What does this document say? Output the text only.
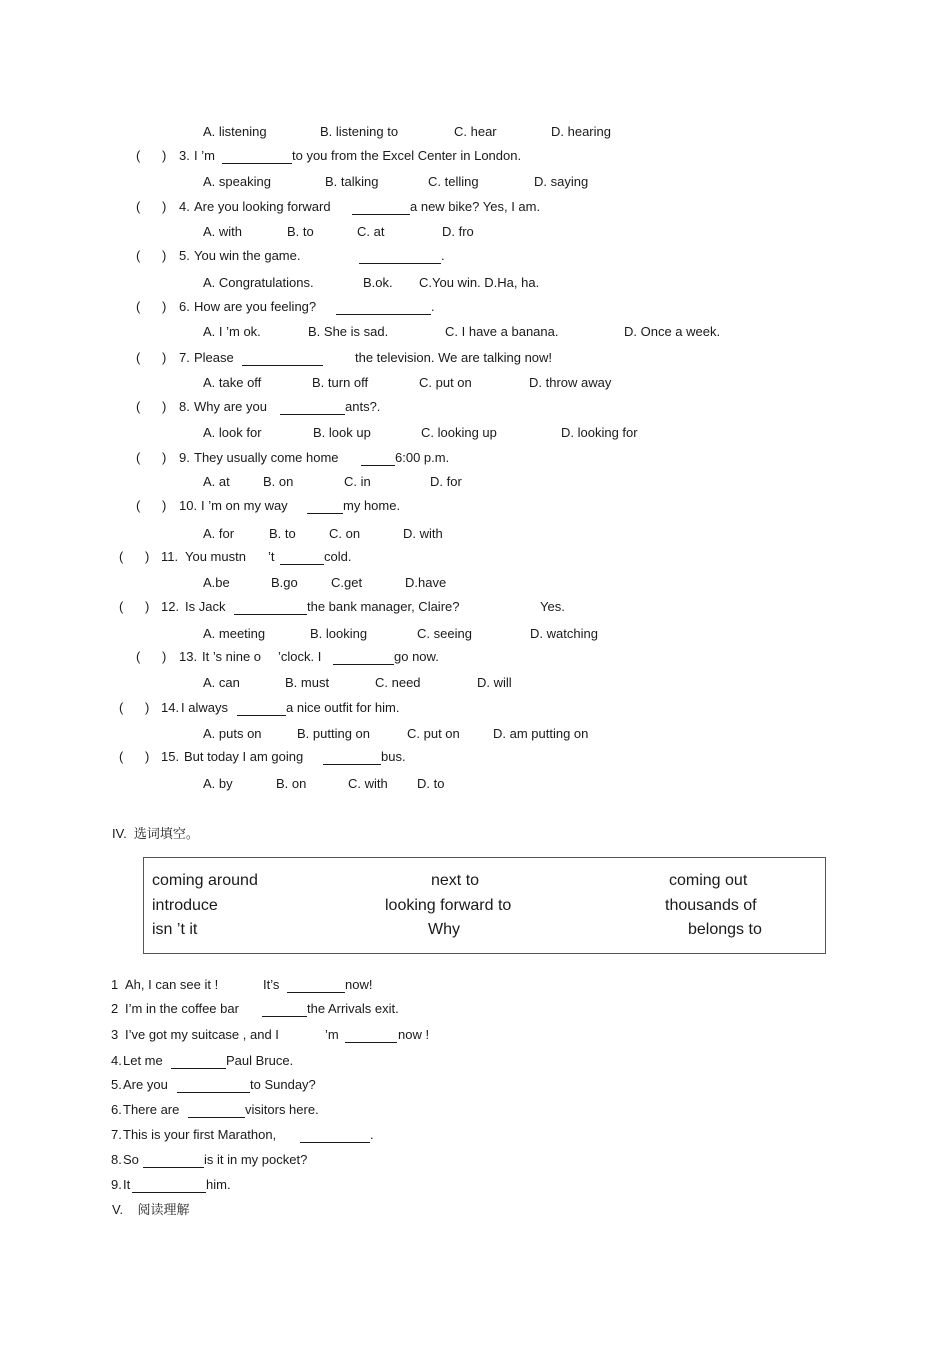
A. listening	B. listening to	C. hear	D. hearing
(      ) 3. I ’m	to you from the Excel Center in London.
A. speaking	B. talking	C. telling	D. saying
(      ) 4. Are you looking forward	a new bike? Yes, I am.
A. with	B. to	C. at	D. fro
(      ) 5. You win the game.	.
A. Congratulations.	B.ok. C.You win. D.Ha, ha.
(      ) 6. How are you feeling?	.
A. I ’m ok.	B. She is sad.	C. I have a banana.	D. Once a week.
(      ) 7. Please	the television. We are talking now!
A. take off	B. turn off	C. put on	D. throw away
(      ) 8. Why are you	ants?.
A. look for	B. look up	C. looking up	D. looking for
(      ) 9. They usually come home	6:00 p.m.
A. at	B. on	C. in	D. for
(      ) 10. I ’m on my way	my home.
A. for	B. to	C. on	D. with
(      ) 11. You mustn ’t	cold.
A.be	B.go	C.get	D.have
(      ) 12. Is Jack	the bank manager, Claire?	Yes.
A. meeting	B. looking	C. seeing	D. watching
(      ) 13. It ’s nine o ’clock. I	go now.
A. can	B. must	C. need	D. will
(      ) 14. I always	a nice outfit for him.
A. puts on	B. putting on	C. put on	D. am putting on
(      ) 15. But today I am going	bus.
A. by	B. on	C. with D. to
IV.  选词填空。
coming around	next to	coming out
introduce	looking forward to	thousands of
isn ’t it	Why	belongs to
1 Ah, I can see it !	It’s	now!
2 I’m in the coffee bar	the Arrivals exit.
3 I’ve got my suitcase , and I	’m	now !
4. Let me	Paul Bruce.
5. Are you	to Sunday?
6. There are	visitors here.
7. This is your first Marathon,	.
8. So	is it in my pocket?
9. It	him.
V.    阅读理解
